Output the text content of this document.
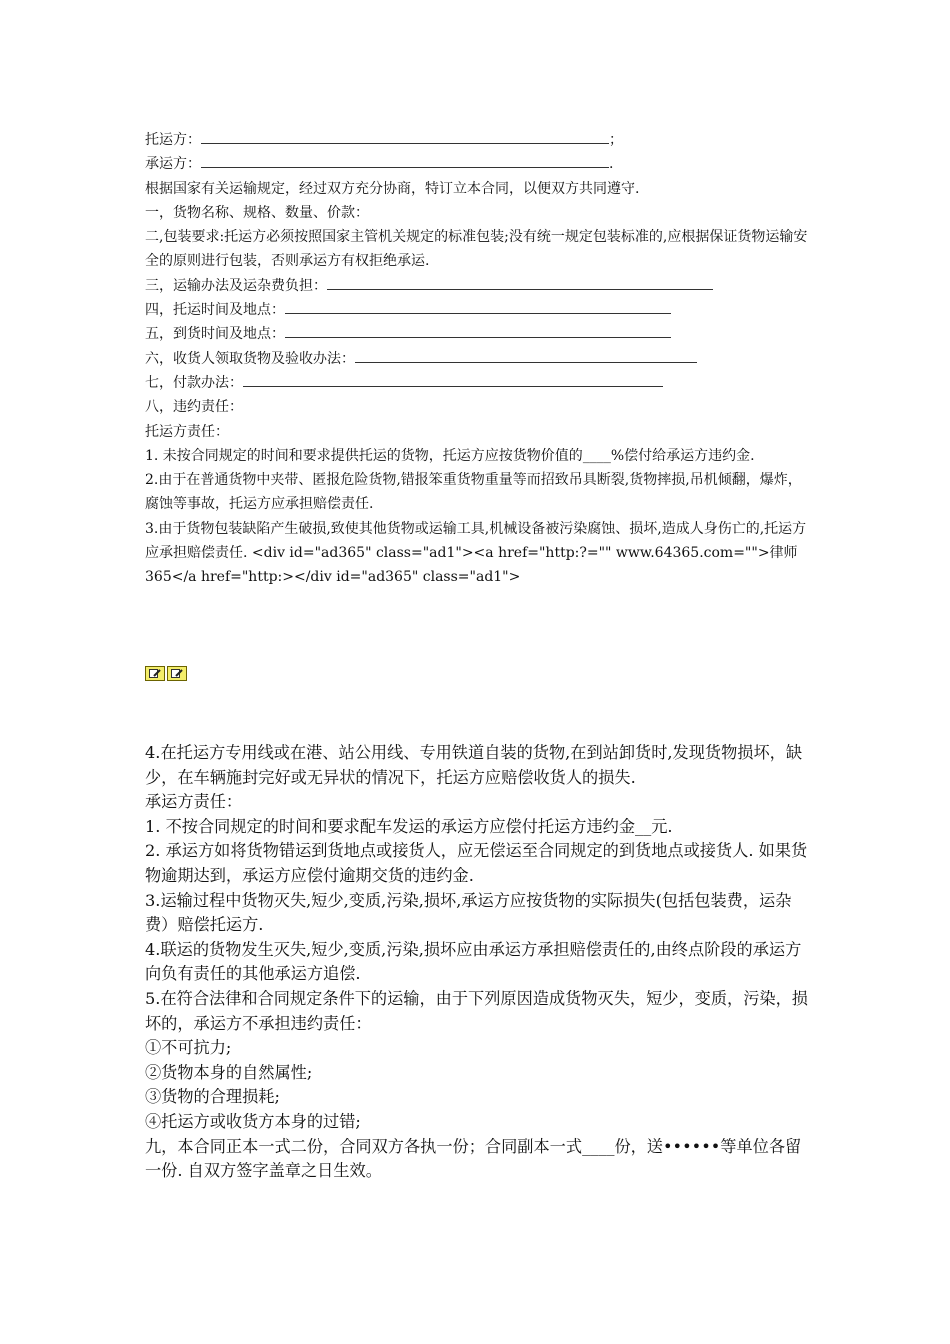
托运方：	；

承运方：	.

根据国家有关运输规定，经过双方充分协商，特订立本合同，以便双方共同遵守.

一，货物名称、规格、数量、价款：

二,包装要求:托运方必须按照国家主管机关规定的标准包装;没有统一规定包装标准的,应根据保证货物运输安全的原则进行包装，否则承运方有权拒绝承运.

三，运输办法及运杂费负担：

四，托运时间及地点：

五，到货时间及地点：

六，收货人领取货物及验收办法：

七，付款办法：

八，违约责任：

托运方责任：

1. 未按合同规定的时间和要求提供托运的货物，托运方应按货物价值的____%偿付给承运方违约金.

2.由于在普通货物中夹带、匿报危险货物,错报笨重货物重量等而招致吊具断裂,货物摔损,吊机倾翻，爆炸，腐蚀等事故，托运方应承担赔偿责任.

3.由于货物包装缺陷产生破损,致使其他货物或运输工具,机械设备被污染腐蚀、损坏,造成人身伤亡的,托运方应承担赔偿责任. <div id="ad365" class="ad1"><a href="http:?="" www.64365.com="">律师365</a href="http:></div id="ad365" class="ad1">

4.在托运方专用线或在港、站公用线、专用铁道自装的货物,在到站卸货时,发现货物损坏，缺少，在车辆施封完好或无异状的情况下，托运方应赔偿收货人的损失.

承运方责任：

1. 不按合同规定的时间和要求配车发运的承运方应偿付托运方违约金__元.

2. 承运方如将货物错运到货地点或接货人，应无偿运至合同规定的到货地点或接货人. 如果货物逾期达到，承运方应偿付逾期交货的违约金.

3.运输过程中货物灭失,短少,变质,污染,损坏,承运方应按货物的实际损失(包括包装费，运杂费）赔偿托运方.

4.联运的货物发生灭失,短少,变质,污染,损坏应由承运方承担赔偿责任的,由终点阶段的承运方向负有责任的其他承运方追偿.

5.在符合法律和合同规定条件下的运输，由于下列原因造成货物灭失，短少，变质，污染，损坏的，承运方不承担违约责任：

①不可抗力;

②货物本身的自然属性;

③货物的合理损耗;

④托运方或收货方本身的过错;

九，本合同正本一式二份，合同双方各执一份；合同副本一式____份，送••••••等单位各留一份. 自双方签字盖章之日生效。
